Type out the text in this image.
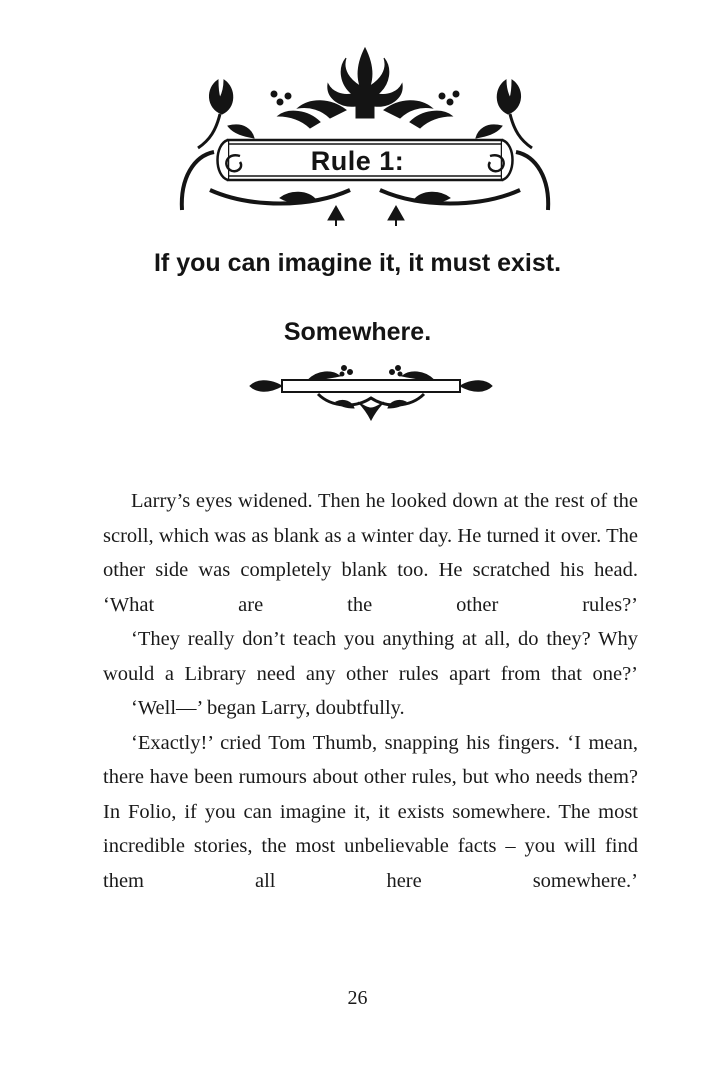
Rule 1:
If you can imagine it, it must exist.
Somewhere.

Larry’s eyes widened. Then he looked down at the rest of the scroll, which was as blank as a winter day. He turned it over. The other side was completely blank too. He scratched his head. ‘What are the other rules?’

‘They really don’t teach you anything at all, do they? Why would a Library need any other rules apart from that one?’

‘Well—’ began Larry, doubtfully.

‘Exactly!’ cried Tom Thumb, snapping his fingers. ‘I mean, there have been rumours about other rules, but who needs them? In Folio, if you can imagine it, it exists somewhere. The most incredible stories, the most unbelievable facts – you will find them all here somewhere.’

26
